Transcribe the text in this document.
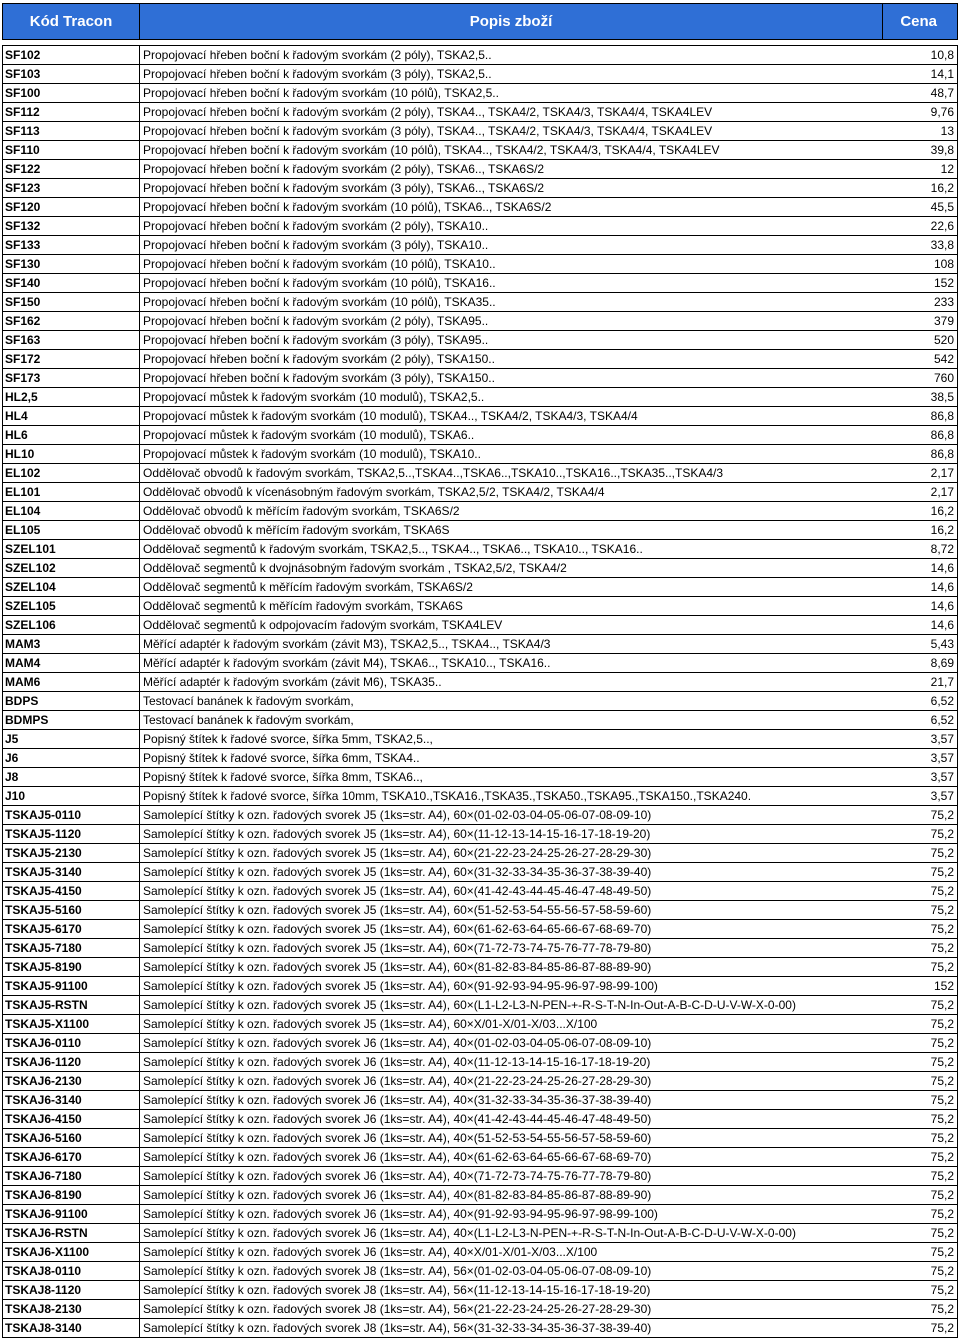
Kód Tracon	Popis zboží	Cena

SF102	Propojovací hřeben boční k řadovým svorkám (2 póly), TSKA2,5..	10,8
SF103	Propojovací hřeben boční k řadovým svorkám (3 póly), TSKA2,5..	14,1
SF100	Propojovací hřeben boční k řadovým svorkám (10 pólů), TSKA2,5..	48,7
SF112	Propojovací hřeben boční k řadovým svorkám (2 póly), TSKA4.., TSKA4/2, TSKA4/3, TSKA4/4, TSKA4LEV	9,76
SF113	Propojovací hřeben boční k řadovým svorkám (3 póly), TSKA4.., TSKA4/2, TSKA4/3, TSKA4/4, TSKA4LEV	13
SF110	Propojovací hřeben boční k řadovým svorkám (10 pólů), TSKA4.., TSKA4/2, TSKA4/3, TSKA4/4, TSKA4LEV	39,8
SF122	Propojovací hřeben boční k řadovým svorkám (2 póly), TSKA6.., TSKA6S/2	12
SF123	Propojovací hřeben boční k řadovým svorkám (3 póly), TSKA6.., TSKA6S/2	16,2
SF120	Propojovací hřeben boční k řadovým svorkám (10 pólů), TSKA6.., TSKA6S/2	45,5
SF132	Propojovací hřeben boční k řadovým svorkám (2 póly), TSKA10..	22,6
SF133	Propojovací hřeben boční k řadovým svorkám (3 póly), TSKA10..	33,8
SF130	Propojovací hřeben boční k řadovým svorkám (10 pólů), TSKA10..	108
SF140	Propojovací hřeben boční k řadovým svorkám (10 pólů), TSKA16..	152
SF150	Propojovací hřeben boční k řadovým svorkám (10 pólů), TSKA35..	233
SF162	Propojovací hřeben boční k řadovým svorkám (2 póly), TSKA95..	379
SF163	Propojovací hřeben boční k řadovým svorkám (3 póly), TSKA95..	520
SF172	Propojovací hřeben boční k řadovým svorkám (2 póly), TSKA150..	542
SF173	Propojovací hřeben boční k řadovým svorkám (3 póly), TSKA150..	760
HL2,5	Propojovací můstek k řadovým svorkám (10 modulů), TSKA2,5..	38,5
HL4	Propojovací můstek k řadovým svorkám (10 modulů), TSKA4.., TSKA4/2, TSKA4/3, TSKA4/4	86,8
HL6	Propojovací můstek k řadovým svorkám (10 modulů), TSKA6..	86,8
HL10	Propojovací můstek k řadovým svorkám (10 modulů), TSKA10..	86,8
EL102	Oddělovač obvodů k řadovým svorkám, TSKA2,5..,TSKA4..,TSKA6..,TSKA10..,TSKA16..,TSKA35..,TSKA4/3	2,17
EL101	Oddělovač obvodů k vícenásobným řadovým svorkám, TSKA2,5/2, TSKA4/2, TSKA4/4	2,17
EL104	Oddělovač obvodů k měřícím řadovým svorkám, TSKA6S/2	16,2
EL105	Oddělovač obvodů k měřícím řadovým svorkám, TSKA6S	16,2
SZEL101	Oddělovač segmentů k řadovým svorkám, TSKA2,5.., TSKA4.., TSKA6.., TSKA10.., TSKA16..	8,72
SZEL102	Oddělovač segmentů k dvojnásobným řadovým svorkám , TSKA2,5/2, TSKA4/2	14,6
SZEL104	Oddělovač segmentů k měřícím řadovým svorkám, TSKA6S/2	14,6
SZEL105	Oddělovač segmentů k měřícím řadovým svorkám, TSKA6S	14,6
SZEL106	Oddělovač segmentů k odpojovacím řadovým svorkám, TSKA4LEV	14,6
MAM3	Měřící adaptér k řadovým svorkám (závit M3), TSKA2,5.., TSKA4.., TSKA4/3	5,43
MAM4	Měřící adaptér k řadovým svorkám (závit M4), TSKA6.., TSKA10.., TSKA16..	8,69
MAM6	Měřící adaptér k řadovým svorkám (závit M6), TSKA35..	21,7
BDPS	Testovací banánek k řadovým svorkám,	6,52
BDMPS	Testovací banánek k řadovým svorkám,	6,52
J5	Popisný štítek k řadové svorce, šířka 5mm, TSKA2,5..,	3,57
J6	Popisný štítek k řadové svorce, šířka 6mm, TSKA4..	3,57
J8	Popisný štítek k řadové svorce, šířka 8mm, TSKA6..,	3,57
J10	Popisný štítek k řadové svorce, šířka 10mm, TSKA10.,TSKA16.,TSKA35.,TSKA50.,TSKA95.,TSKA150.,TSKA240.	3,57
TSKAJ5-0110	Samolepící štítky k ozn. řadových svorek J5 (1ks=str. A4), 60×(01-02-03-04-05-06-07-08-09-10)	75,2
TSKAJ5-1120	Samolepící štítky k ozn. řadových svorek J5 (1ks=str. A4), 60×(11-12-13-14-15-16-17-18-19-20)	75,2
TSKAJ5-2130	Samolepící štítky k ozn. řadových svorek J5 (1ks=str. A4), 60×(21-22-23-24-25-26-27-28-29-30)	75,2
TSKAJ5-3140	Samolepící štítky k ozn. řadových svorek J5 (1ks=str. A4), 60×(31-32-33-34-35-36-37-38-39-40)	75,2
TSKAJ5-4150	Samolepící štítky k ozn. řadových svorek J5 (1ks=str. A4), 60×(41-42-43-44-45-46-47-48-49-50)	75,2
TSKAJ5-5160	Samolepící štítky k ozn. řadových svorek J5 (1ks=str. A4), 60×(51-52-53-54-55-56-57-58-59-60)	75,2
TSKAJ5-6170	Samolepící štítky k ozn. řadových svorek J5 (1ks=str. A4), 60×(61-62-63-64-65-66-67-68-69-70)	75,2
TSKAJ5-7180	Samolepící štítky k ozn. řadových svorek J5 (1ks=str. A4), 60×(71-72-73-74-75-76-77-78-79-80)	75,2
TSKAJ5-8190	Samolepící štítky k ozn. řadových svorek J5 (1ks=str. A4), 60×(81-82-83-84-85-86-87-88-89-90)	75,2
TSKAJ5-91100	Samolepící štítky k ozn. řadových svorek J5 (1ks=str. A4), 60×(91-92-93-94-95-96-97-98-99-100)	152
TSKAJ5-RSTN	Samolepící štítky k ozn. řadových svorek J5 (1ks=str. A4), 60×(L1-L2-L3-N-PEN-+-R-S-T-N-In-Out-A-B-C-D-U-V-W-X-0-00)	75,2
TSKAJ5-X1100	Samolepící štítky k ozn. řadových svorek J5 (1ks=str. A4), 60×X/01-X/01-X/03...X/100	75,2
TSKAJ6-0110	Samolepící štítky k ozn. řadových svorek J6 (1ks=str. A4), 40×(01-02-03-04-05-06-07-08-09-10)	75,2
TSKAJ6-1120	Samolepící štítky k ozn. řadových svorek J6 (1ks=str. A4), 40×(11-12-13-14-15-16-17-18-19-20)	75,2
TSKAJ6-2130	Samolepící štítky k ozn. řadových svorek J6 (1ks=str. A4), 40×(21-22-23-24-25-26-27-28-29-30)	75,2
TSKAJ6-3140	Samolepící štítky k ozn. řadových svorek J6 (1ks=str. A4), 40×(31-32-33-34-35-36-37-38-39-40)	75,2
TSKAJ6-4150	Samolepící štítky k ozn. řadových svorek J6 (1ks=str. A4), 40×(41-42-43-44-45-46-47-48-49-50)	75,2
TSKAJ6-5160	Samolepící štítky k ozn. řadových svorek J6 (1ks=str. A4), 40×(51-52-53-54-55-56-57-58-59-60)	75,2
TSKAJ6-6170	Samolepící štítky k ozn. řadových svorek J6 (1ks=str. A4), 40×(61-62-63-64-65-66-67-68-69-70)	75,2
TSKAJ6-7180	Samolepící štítky k ozn. řadových svorek J6 (1ks=str. A4), 40×(71-72-73-74-75-76-77-78-79-80)	75,2
TSKAJ6-8190	Samolepící štítky k ozn. řadových svorek J6 (1ks=str. A4), 40×(81-82-83-84-85-86-87-88-89-90)	75,2
TSKAJ6-91100	Samolepící štítky k ozn. řadových svorek J6 (1ks=str. A4), 40×(91-92-93-94-95-96-97-98-99-100)	75,2
TSKAJ6-RSTN	Samolepící štítky k ozn. řadových svorek J6 (1ks=str. A4), 40×(L1-L2-L3-N-PEN-+-R-S-T-N-In-Out-A-B-C-D-U-V-W-X-0-00)	75,2
TSKAJ6-X1100	Samolepící štítky k ozn. řadových svorek J6 (1ks=str. A4), 40×X/01-X/01-X/03...X/100	75,2
TSKAJ8-0110	Samolepící štítky k ozn. řadových svorek J8 (1ks=str. A4), 56×(01-02-03-04-05-06-07-08-09-10)	75,2
TSKAJ8-1120	Samolepící štítky k ozn. řadových svorek J8 (1ks=str. A4), 56×(11-12-13-14-15-16-17-18-19-20)	75,2
TSKAJ8-2130	Samolepící štítky k ozn. řadových svorek J8 (1ks=str. A4), 56×(21-22-23-24-25-26-27-28-29-30)	75,2
TSKAJ8-3140	Samolepící štítky k ozn. řadových svorek J8 (1ks=str. A4), 56×(31-32-33-34-35-36-37-38-39-40)	75,2
